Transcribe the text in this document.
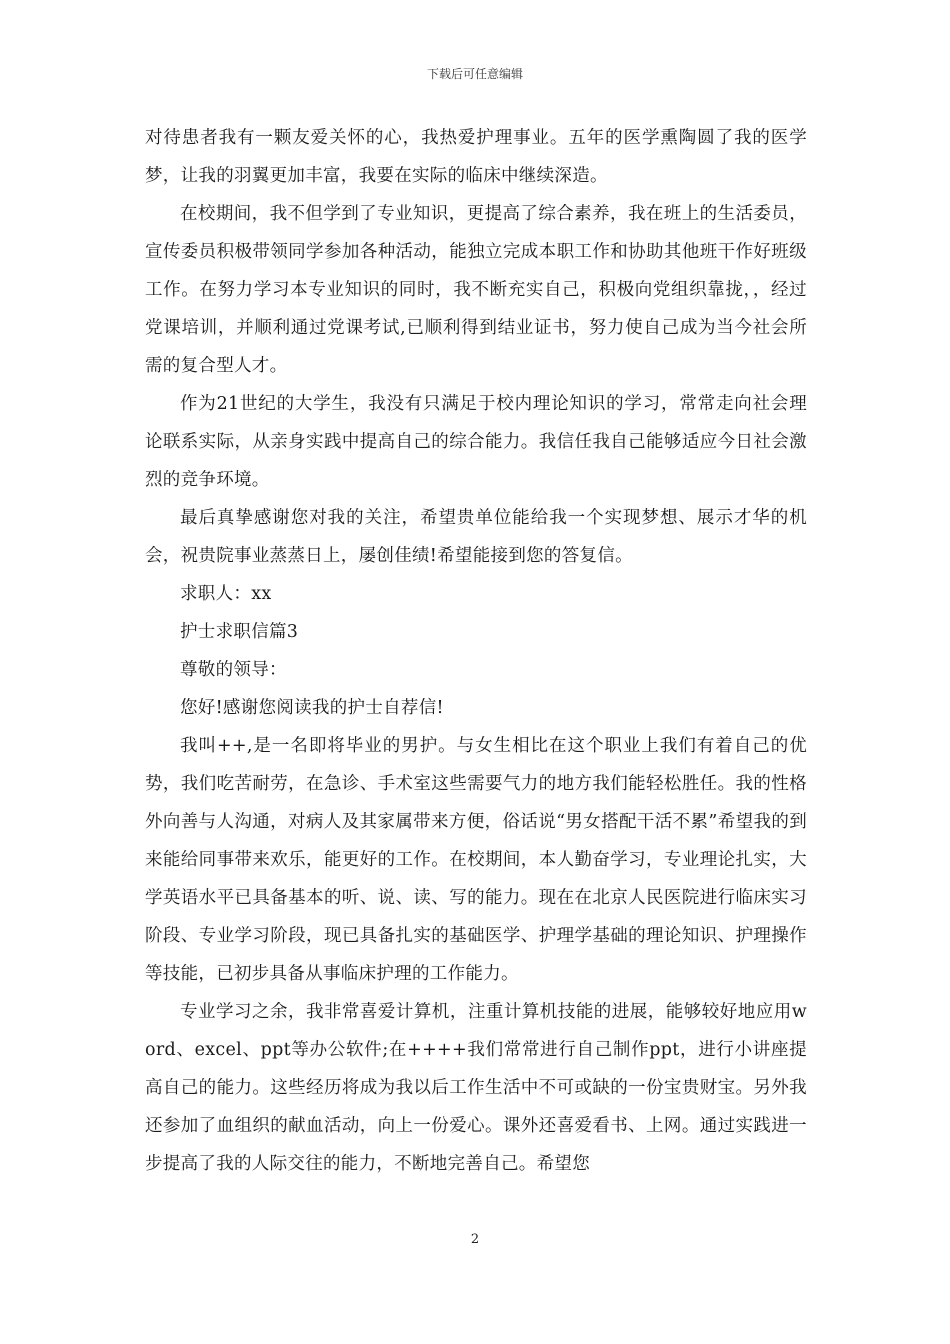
下载后可任意编辑

对待患者我有一颗友爱关怀的心，我热爱护理事业。五年的医学熏陶圆了我的医学梦，让我的羽翼更加丰富，我要在实际的临床中继续深造。

在校期间，我不但学到了专业知识，更提高了综合素养，我在班上的生活委员，宣传委员积极带领同学参加各种活动，能独立完成本职工作和协助其他班干作好班级工作。在努力学习本专业知识的同时，我不断充实自己，积极向党组织靠拢，，经过党课培训，并顺利通过党课考试,已顺利得到结业证书，努力使自己成为当今社会所需的复合型人才。

作为21世纪的大学生，我没有只满足于校内理论知识的学习，常常走向社会理论联系实际，从亲身实践中提高自己的综合能力。我信任我自己能够适应今日社会激烈的竞争环境。

最后真挚感谢您对我的关注，希望贵单位能给我一个实现梦想、展示才华的机会，祝贵院事业蒸蒸日上，屡创佳绩!希望能接到您的答复信。

求职人：xx

护士求职信篇3

尊敬的领导：

您好!感谢您阅读我的护士自荐信!

我叫++,是一名即将毕业的男护。与女生相比在这个职业上我们有着自己的优势，我们吃苦耐劳，在急诊、手术室这些需要气力的地方我们能轻松胜任。我的性格外向善与人沟通，对病人及其家属带来方便，俗话说“男女搭配干活不累”希望我的到来能给同事带来欢乐，能更好的工作。在校期间，本人勤奋学习，专业理论扎实，大学英语水平已具备基本的听、说、读、写的能力。现在在北京人民医院进行临床实习阶段、专业学习阶段，现已具备扎实的基础医学、护理学基础的理论知识、护理操作等技能，已初步具备从事临床护理的工作能力。

专业学习之余，我非常喜爱计算机，注重计算机技能的进展，能够较好地应用word、excel、ppt等办公软件;在++++我们常常进行自己制作ppt，进行小讲座提高自己的能力。这些经历将成为我以后工作生活中不可或缺的一份宝贵财宝。另外我还参加了血组织的献血活动，向上一份爱心。课外还喜爱看书、上网。通过实践进一步提高了我的人际交往的能力，不断地完善自己。希望您

2
